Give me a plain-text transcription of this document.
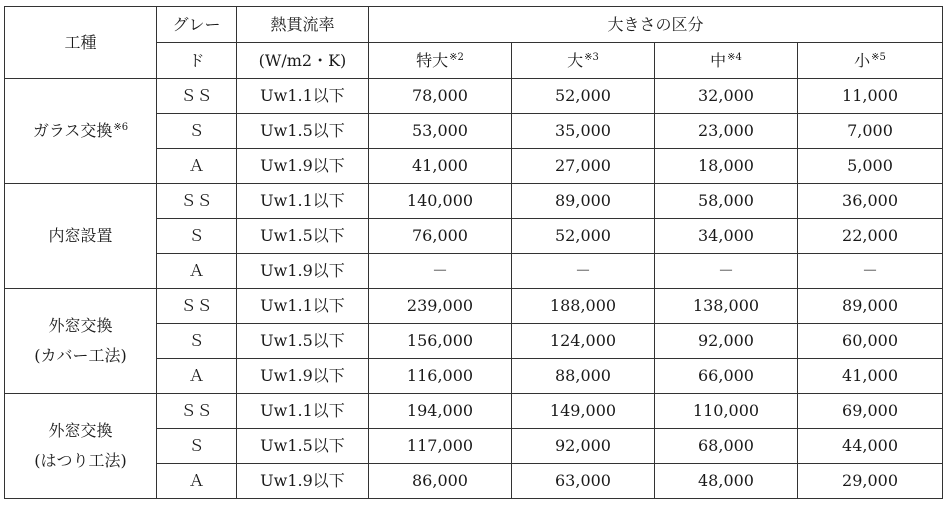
工種	グレー	熱貫流率	大きさの区分			
	ド	(W/m2・K)	特大$^{※2}$	大$^{※3}$	中$^{※4}$	小$^{※5}$

ガラス交換$^{※6}$	ＳＳ	Uw1.1以下	78,000	52,000	32,000	11,000
	Ｓ	Uw1.5以下	53,000	35,000	23,000	7,000
	Ａ	Uw1.9以下	41,000	27,000	18,000	5,000

内窓設置	ＳＳ	Uw1.1以下	140,000	89,000	58,000	36,000
	Ｓ	Uw1.5以下	76,000	52,000	34,000	22,000
	Ａ	Uw1.9以下	－	－	－	－

外窓交換
(カバー工法)	ＳＳ	Uw1.1以下	239,000	188,000	138,000	89,000
	Ｓ	Uw1.5以下	156,000	124,000	92,000	60,000
	Ａ	Uw1.9以下	116,000	88,000	66,000	41,000

外窓交換
(はつり工法)	ＳＳ	Uw1.1以下	194,000	149,000	110,000	69,000
	Ｓ	Uw1.5以下	117,000	92,000	68,000	44,000
	Ａ	Uw1.9以下	86,000	63,000	48,000	29,000
